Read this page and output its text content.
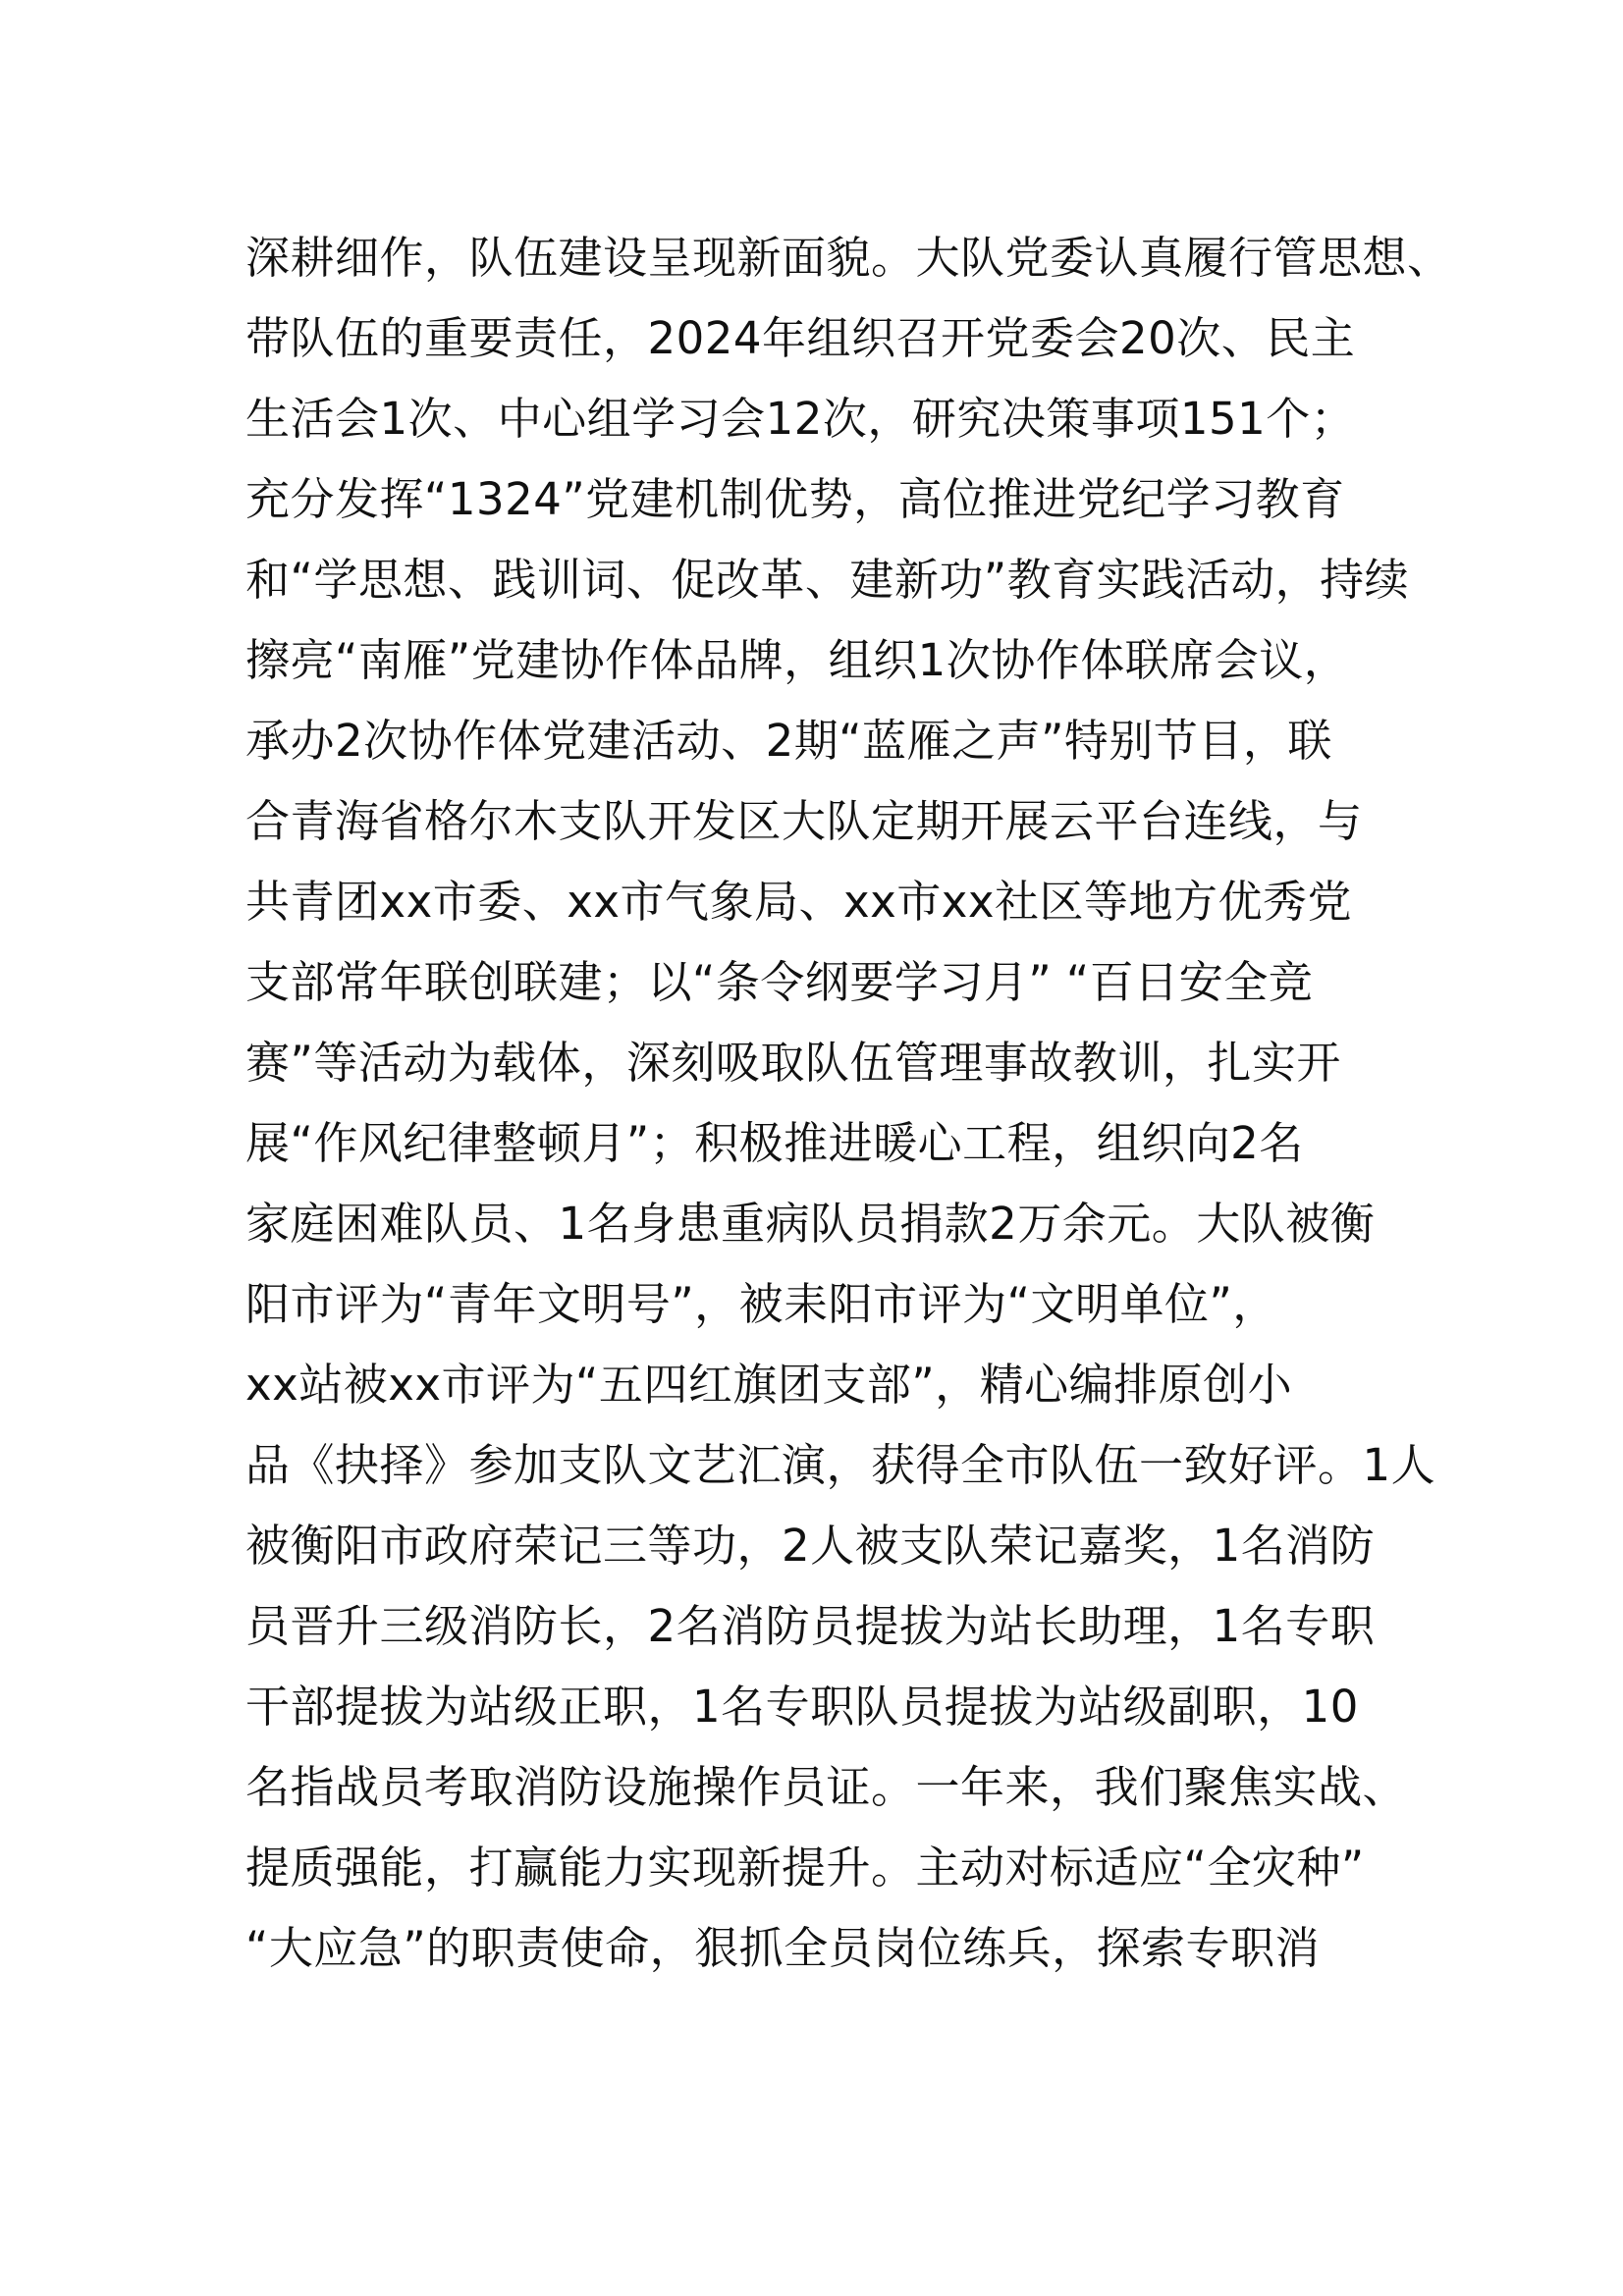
深耕细作，队伍建设呈现新面貌。大队党委认真履行管思想、
带队伍的重要责任，2024年组织召开党委会20次、民主
生活会1次、中心组学习会12次，研究决策事项151个；
充分发挥“1324”党建机制优势，高位推进党纪学习教育
和“学思想、践训词、促改革、建新功”教育实践活动，持续
擦亮“南雁”党建协作体品牌，组织1次协作体联席会议，
承办2次协作体党建活动、2期“蓝雁之声”特别节目，联
合青海省格尔木支队开发区大队定期开展云平台连线，与
共青团xx市委、xx市气象局、xx市xx社区等地方优秀党
支部常年联创联建；以“条令纲要学习月” “百日安全竞
赛”等活动为载体，深刻吸取队伍管理事故教训，扎实开
展“作风纪律整顿月”；积极推进暖心工程，组织向2名
家庭困难队员、1名身患重病队员捐款2万余元。大队被衡
阳市评为“青年文明号”，被耒阳市评为“文明单位”，
xx站被xx市评为“五四红旗团支部”，精心编排原创小
品《抉择》参加支队文艺汇演，获得全市队伍一致好评。1人
被衡阳市政府荣记三等功，2人被支队荣记嘉奖，1名消防
员晋升三级消防长，2名消防员提拔为站长助理，1名专职
干部提拔为站级正职，1名专职队员提拔为站级副职，10
名指战员考取消防设施操作员证。一年来，我们聚焦实战、
提质强能，打赢能力实现新提升。主动对标适应“全灾种”
“大应急”的职责使命，狠抓全员岗位练兵，探索专职消
